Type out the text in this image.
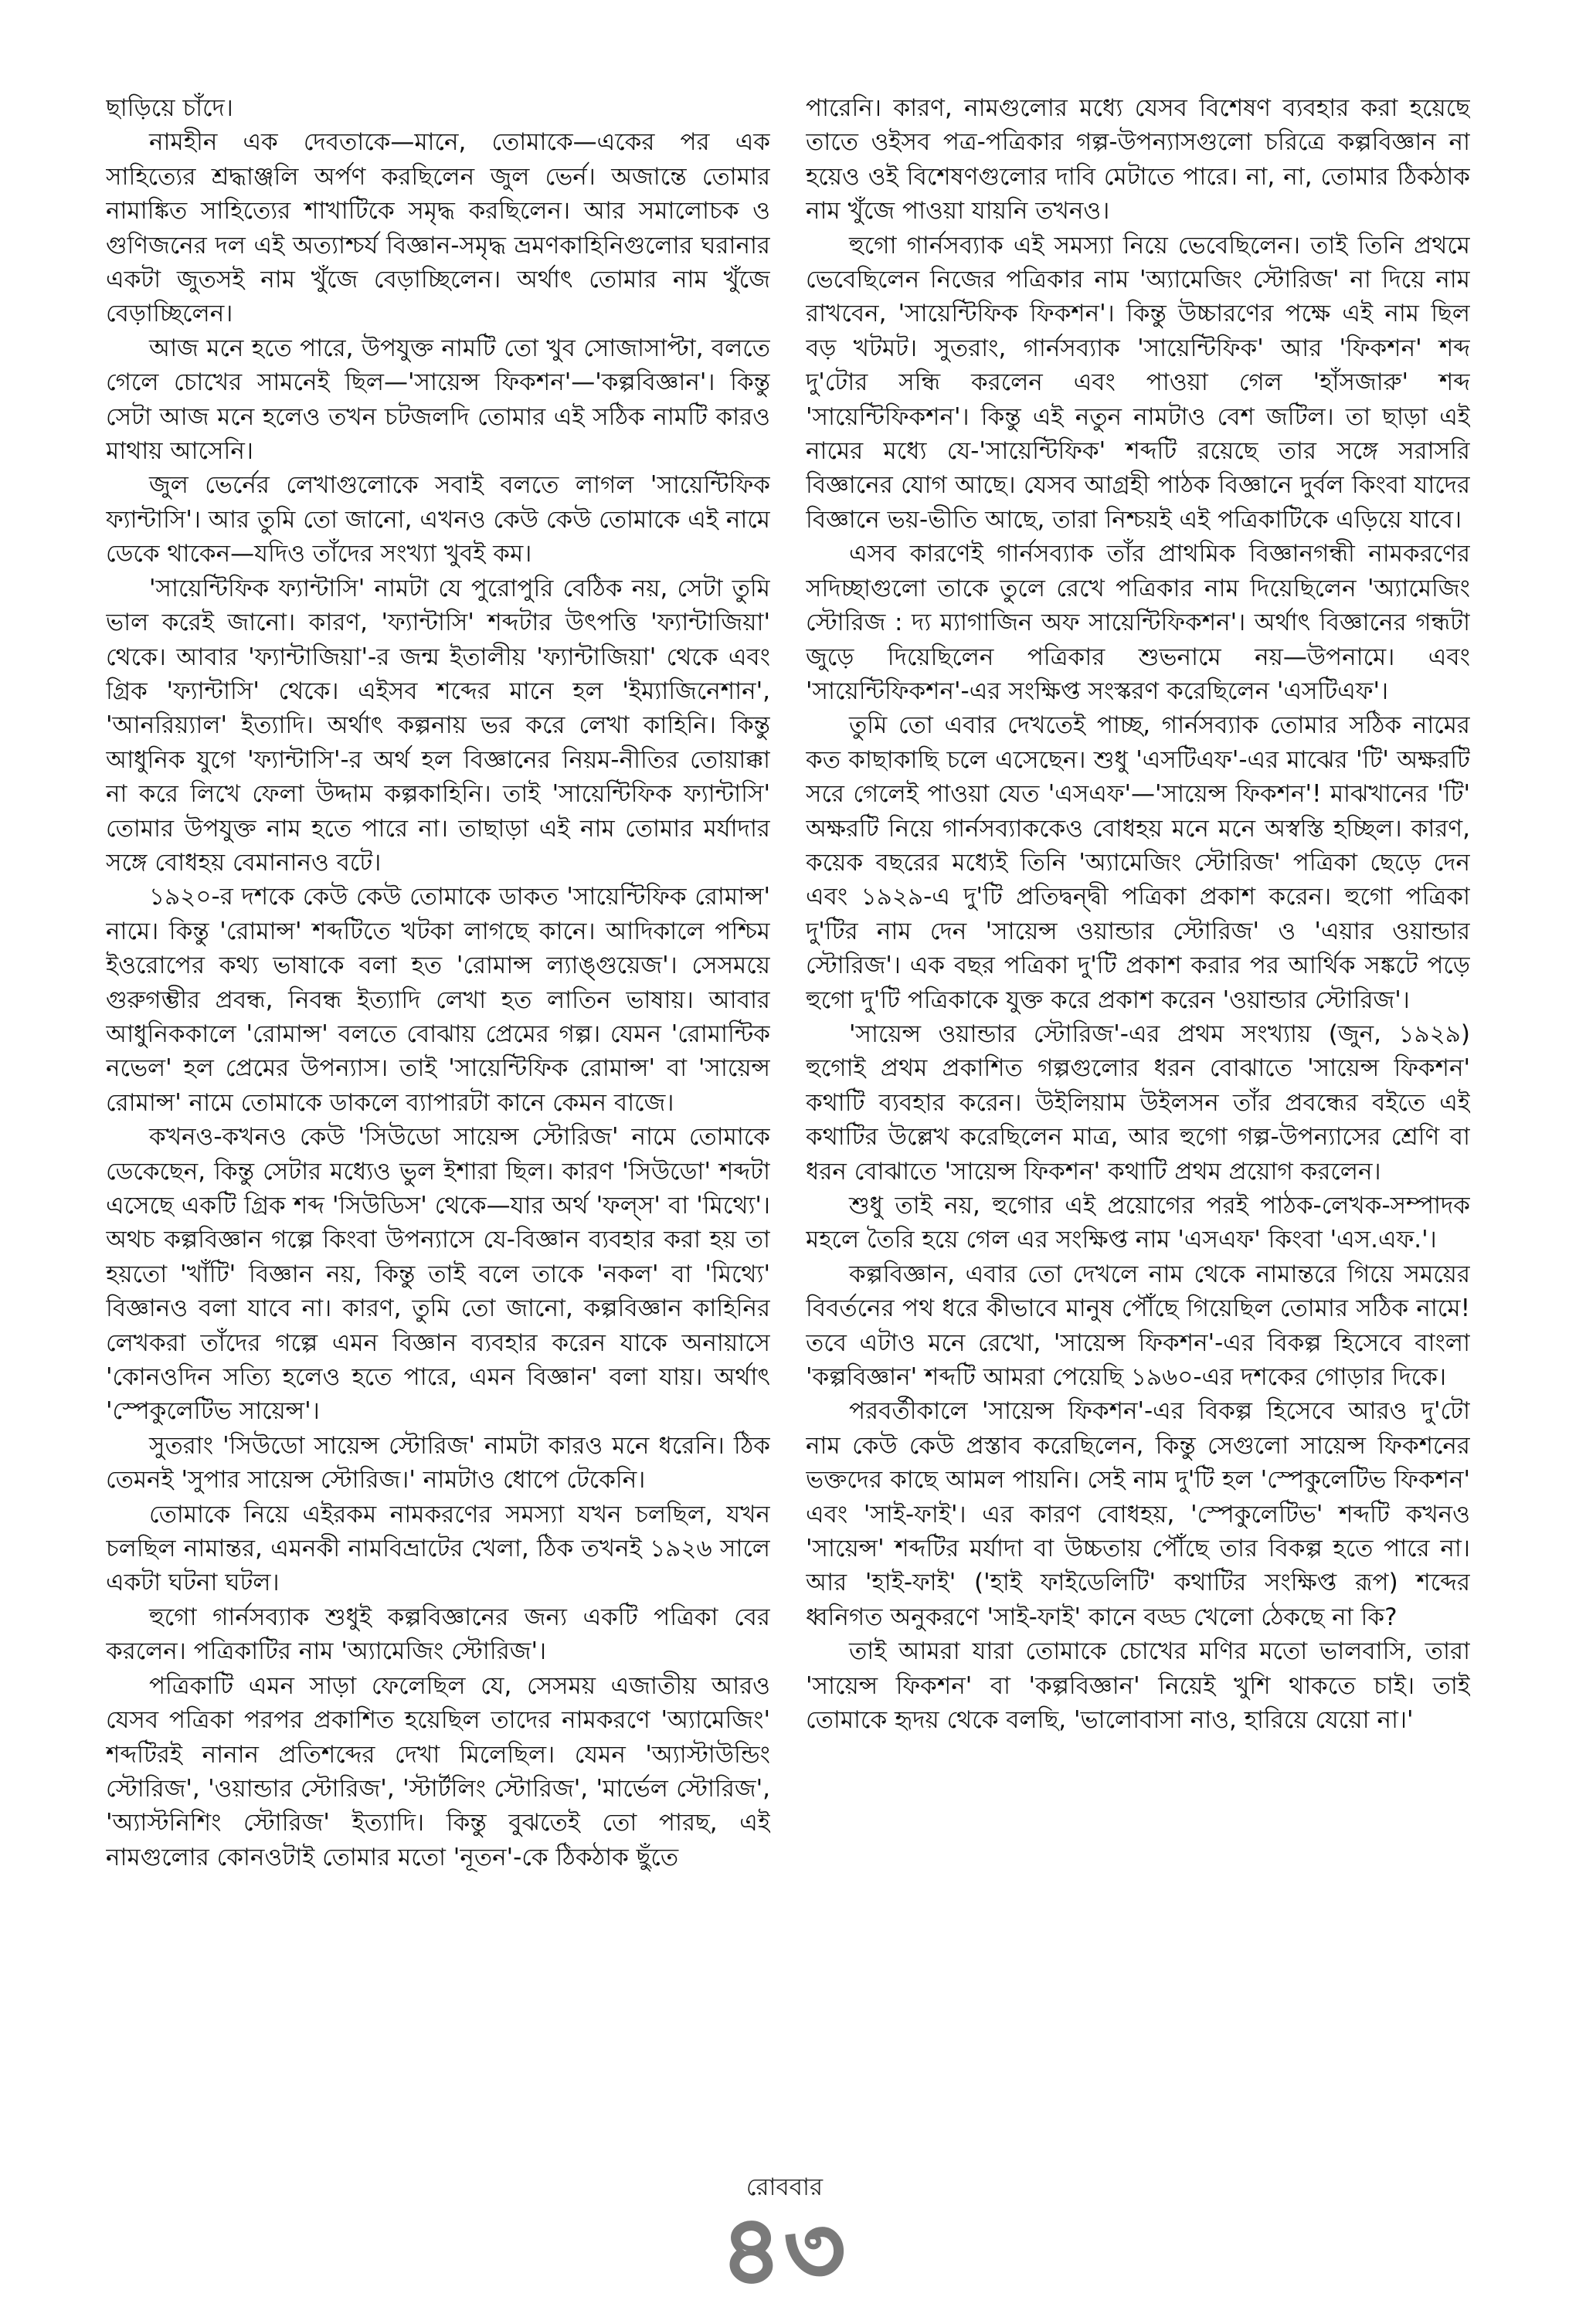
ছাড়িয়ে চাঁদে।

নামহীন এক দেবতাকে—মানে, তোমাকে—একের পর এক সাহিত্যের শ্রদ্ধাঞ্জলি অর্পণ করছিলেন জুল ভের্ন। অজান্তে তোমার নামাঙ্কিত সাহিত্যের শাখাটিকে সমৃদ্ধ করছিলেন। আর সমালোচক ও গুণিজনের দল এই অত্যাশ্চর্য বিজ্ঞান-সমৃদ্ধ ভ্রমণকাহিনিগুলোর ঘরানার একটা জুতসই নাম খুঁজে বেড়াচ্ছিলেন। অর্থাৎ তোমার নাম খুঁজে বেড়াচ্ছিলেন।

আজ মনে হতে পারে, উপযুক্ত নামটি তো খুব সোজাসাপ্টা, বলতে গেলে চোখের সামনেই ছিল—'সায়েন্স ফিকশন'—'কল্পবিজ্ঞান'। কিন্তু সেটা আজ মনে হলেও তখন চটজলদি তোমার এই সঠিক নামটি কারও মাথায় আসেনি।

জুল ভের্নের লেখাগুলোকে সবাই বলতে লাগল 'সায়েন্টিফিক ফ্যান্টাসি'। আর তুমি তো জানো, এখনও কেউ কেউ তোমাকে এই নামে ডেকে থাকেন—যদিও তাঁদের সংখ্যা খুবই কম।

'সায়েন্টিফিক ফ্যান্টাসি' নামটা যে পুরোপুরি বেঠিক নয়, সেটা তুমি ভাল করেই জানো। কারণ, 'ফ্যান্টাসি' শব্দটার উৎপত্তি 'ফ্যান্টাজিয়া' থেকে। আবার 'ফ্যান্টাজিয়া'-র জন্ম ইতালীয় 'ফ্যান্টাজিয়া' থেকে এবং গ্রিক 'ফ্যান্টাসি' থেকে। এইসব শব্দের মানে হল 'ইম্যাজিনেশান', 'আনরিয়্যাল' ইত্যাদি। অর্থাৎ কল্পনায় ভর করে লেখা কাহিনি। কিন্তু আধুনিক যুগে 'ফ্যান্টাসি'-র অর্থ হল বিজ্ঞানের নিয়ম-নীতির তোয়াক্কা না করে লিখে ফেলা উদ্দাম কল্পকাহিনি। তাই 'সায়েন্টিফিক ফ্যান্টাসি' তোমার উপযুক্ত নাম হতে পারে না। তাছাড়া এই নাম তোমার মর্যাদার সঙ্গে বোধহয় বেমানানও বটে।

১৯২০-র দশকে কেউ কেউ তোমাকে ডাকত 'সায়েন্টিফিক রোমান্স' নামে। কিন্তু 'রোমান্স' শব্দটিতে খটকা লাগছে কানে। আদিকালে পশ্চিম ইওরোপের কথ্য ভাষাকে বলা হত 'রোমান্স ল্যাঙ্গুয়েজ'। সেসময়ে গুরুগম্ভীর প্রবন্ধ, নিবন্ধ ইত্যাদি লেখা হত লাতিন ভাষায়। আবার আধুনিককালে 'রোমান্স' বলতে বোঝায় প্রেমের গল্প। যেমন 'রোমান্টিক নভেল' হল প্রেমের উপন্যাস। তাই 'সায়েন্টিফিক রোমান্স' বা 'সায়েন্স রোমান্স' নামে তোমাকে ডাকলে ব্যাপারটা কানে কেমন বাজে।

কখনও-কখনও কেউ 'সিউডো সায়েন্স স্টোরিজ' নামে তোমাকে ডেকেছেন, কিন্তু সেটার মধ্যেও ভুল ইশারা ছিল। কারণ 'সিউডো' শব্দটা এসেছে একটি গ্রিক শব্দ 'সিউডিস' থেকে—যার অর্থ 'ফল্স' বা 'মিথ্যে'। অথচ কল্পবিজ্ঞান গল্পে কিংবা উপন্যাসে যে-বিজ্ঞান ব্যবহার করা হয় তা হয়তো 'খাঁটি' বিজ্ঞান নয়, কিন্তু তাই বলে তাকে 'নকল' বা 'মিথ্যে' বিজ্ঞানও বলা যাবে না। কারণ, তুমি তো জানো, কল্পবিজ্ঞান কাহিনির লেখকরা তাঁদের গল্পে এমন বিজ্ঞান ব্যবহার করেন যাকে অনায়াসে 'কোনওদিন সত্যি হলেও হতে পারে, এমন বিজ্ঞান' বলা যায়। অর্থাৎ 'স্পেকুলেটিভ সায়েন্স'।

সুতরাং 'সিউডো সায়েন্স স্টোরিজ' নামটা কারও মনে ধরেনি। ঠিক তেমনই 'সুপার সায়েন্স স্টোরিজ।' নামটাও ধোপে টেকেনি।

তোমাকে নিয়ে এইরকম নামকরণের সমস্যা যখন চলছিল, যখন চলছিল নামান্তর, এমনকী নামবিভ্রাটের খেলা, ঠিক তখনই ১৯২৬ সালে একটা ঘটনা ঘটল।

হুগো গার্নসব্যাক শুধুই কল্পবিজ্ঞানের জন্য একটি পত্রিকা বের করলেন। পত্রিকাটির নাম 'অ্যামেজিং স্টোরিজ'।

পত্রিকাটি এমন সাড়া ফেলেছিল যে, সেসময় এজাতীয় আরও যেসব পত্রিকা পরপর প্রকাশিত হয়েছিল তাদের নামকরণে 'অ্যামেজিং' শব্দটিরই নানান প্রতিশব্দের দেখা মিলেছিল। যেমন 'অ্যাস্টাউন্ডিং স্টোরিজ', 'ওয়ান্ডার স্টোরিজ', 'স্টার্টলিং স্টোরিজ', 'মার্ভেল স্টোরিজ', 'অ্যাস্টনিশিং স্টোরিজ' ইত্যাদি। কিন্তু বুঝতেই তো পারছ, এই নামগুলোর কোনওটাই তোমার মতো 'নূতন'-কে ঠিকঠাক ছুঁতে

পারেনি। কারণ, নামগুলোর মধ্যে যেসব বিশেষণ ব্যবহার করা হয়েছে তাতে ওইসব পত্র-পত্রিকার গল্প-উপন্যাসগুলো চরিত্রে কল্পবিজ্ঞান না হয়েও ওই বিশেষণগুলোর দাবি মেটাতে পারে। না, না, তোমার ঠিকঠাক নাম খুঁজে পাওয়া যায়নি তখনও।

হুগো গার্নসব্যাক এই সমস্যা নিয়ে ভেবেছিলেন। তাই তিনি প্রথমে ভেবেছিলেন নিজের পত্রিকার নাম 'অ্যামেজিং স্টোরিজ' না দিয়ে নাম রাখবেন, 'সায়েন্টিফিক ফিকশন'। কিন্তু উচ্চারণের পক্ষে এই নাম ছিল বড় খটমট। সুতরাং, গার্নসব্যাক 'সায়েন্টিফিক' আর 'ফিকশন' শব্দ দু'টোর সন্ধি করলেন এবং পাওয়া গেল 'হাঁসজারু' শব্দ 'সায়েন্টিফিকশন'। কিন্তু এই নতুন নামটাও বেশ জটিল। তা ছাড়া এই নামের মধ্যে যে-'সায়েন্টিফিক' শব্দটি রয়েছে তার সঙ্গে সরাসরি বিজ্ঞানের যোগ আছে। যেসব আগ্রহী পাঠক বিজ্ঞানে দুর্বল কিংবা যাদের বিজ্ঞানে ভয়-ভীতি আছে, তারা নিশ্চয়ই এই পত্রিকাটিকে এড়িয়ে যাবে।

এসব কারণেই গার্নসব্যাক তাঁর প্রাথমিক বিজ্ঞানগন্ধী নামকরণের সদিচ্ছাগুলো তাকে তুলে রেখে পত্রিকার নাম দিয়েছিলেন 'অ্যামেজিং স্টোরিজ : দ্য ম্যাগাজিন অফ সায়েন্টিফিকশন'। অর্থাৎ বিজ্ঞানের গন্ধটা জুড়ে দিয়েছিলেন পত্রিকার শুভনামে নয়—উপনামে। এবং 'সায়েন্টিফিকশন'-এর সংক্ষিপ্ত সংস্করণ করেছিলেন 'এসটিএফ'।

তুমি তো এবার দেখতেই পাচ্ছ, গার্নসব্যাক তোমার সঠিক নামের কত কাছাকাছি চলে এসেছেন। শুধু 'এসটিএফ'-এর মাঝের 'টি' অক্ষরটি সরে গেলেই পাওয়া যেত 'এসএফ'—'সায়েন্স ফিকশন'! মাঝখানের 'টি' অক্ষরটি নিয়ে গার্নসব্যাককেও বোধহয় মনে মনে অস্বস্তি হচ্ছিল। কারণ, কয়েক বছরের মধ্যেই তিনি 'অ্যামেজিং স্টোরিজ' পত্রিকা ছেড়ে দেন এবং ১৯২৯-এ দু'টি প্রতিদ্বন্দ্বী পত্রিকা প্রকাশ করেন। হুগো পত্রিকা দু'টির নাম দেন 'সায়েন্স ওয়ান্ডার স্টোরিজ' ও 'এয়ার ওয়ান্ডার স্টোরিজ'। এক বছর পত্রিকা দু'টি প্রকাশ করার পর আর্থিক সঙ্কটে পড়ে হুগো দু'টি পত্রিকাকে যুক্ত করে প্রকাশ করেন 'ওয়ান্ডার স্টোরিজ'।

'সায়েন্স ওয়ান্ডার স্টোরিজ'-এর প্রথম সংখ্যায় (জুন, ১৯২৯) হুগোই প্রথম প্রকাশিত গল্পগুলোর ধরন বোঝাতে 'সায়েন্স ফিকশন' কথাটি ব্যবহার করেন। উইলিয়াম উইলসন তাঁর প্রবন্ধের বইতে এই কথাটির উল্লেখ করেছিলেন মাত্র, আর হুগো গল্প-উপন্যাসের শ্রেণি বা ধরন বোঝাতে 'সায়েন্স ফিকশন' কথাটি প্রথম প্রয়োগ করলেন।

শুধু তাই নয়, হুগোর এই প্রয়োগের পরই পাঠক-লেখক-সম্পাদক মহলে তৈরি হয়ে গেল এর সংক্ষিপ্ত নাম 'এসএফ' কিংবা 'এস.এফ.'।

কল্পবিজ্ঞান, এবার তো দেখলে নাম থেকে নামান্তরে গিয়ে সময়ের বিবর্তনের পথ ধরে কীভাবে মানুষ পৌঁছে গিয়েছিল তোমার সঠিক নামে! তবে এটাও মনে রেখো, 'সায়েন্স ফিকশন'-এর বিকল্প হিসেবে বাংলা 'কল্পবিজ্ঞান' শব্দটি আমরা পেয়েছি ১৯৬০-এর দশকের গোড়ার দিকে।

পরবর্তীকালে 'সায়েন্স ফিকশন'-এর বিকল্প হিসেবে আরও দু'টো নাম কেউ কেউ প্রস্তাব করেছিলেন, কিন্তু সেগুলো সায়েন্স ফিকশনের ভক্তদের কাছে আমল পায়নি। সেই নাম দু'টি হল 'স্পেকুলেটিভ ফিকশন' এবং 'সাই-ফাই'। এর কারণ বোধহয়, 'স্পেকুলেটিভ' শব্দটি কখনও 'সায়েন্স' শব্দটির মর্যাদা বা উচ্চতায় পৌঁছে তার বিকল্প হতে পারে না। আর 'হাই-ফাই' ('হাই ফাইডেলিটি' কথাটির সংক্ষিপ্ত রূপ) শব্দের ধ্বনিগত অনুকরণে 'সাই-ফাই' কানে বড্ড খেলো ঠেকছে না কি?

তাই আমরা যারা তোমাকে চোখের মণির মতো ভালবাসি, তারা 'সায়েন্স ফিকশন' বা 'কল্পবিজ্ঞান' নিয়েই খুশি থাকতে চাই। তাই তোমাকে হৃদয় থেকে বলছি, 'ভালোবাসা নাও, হারিয়ে যেয়ো না।'

রোববার
৪৩
